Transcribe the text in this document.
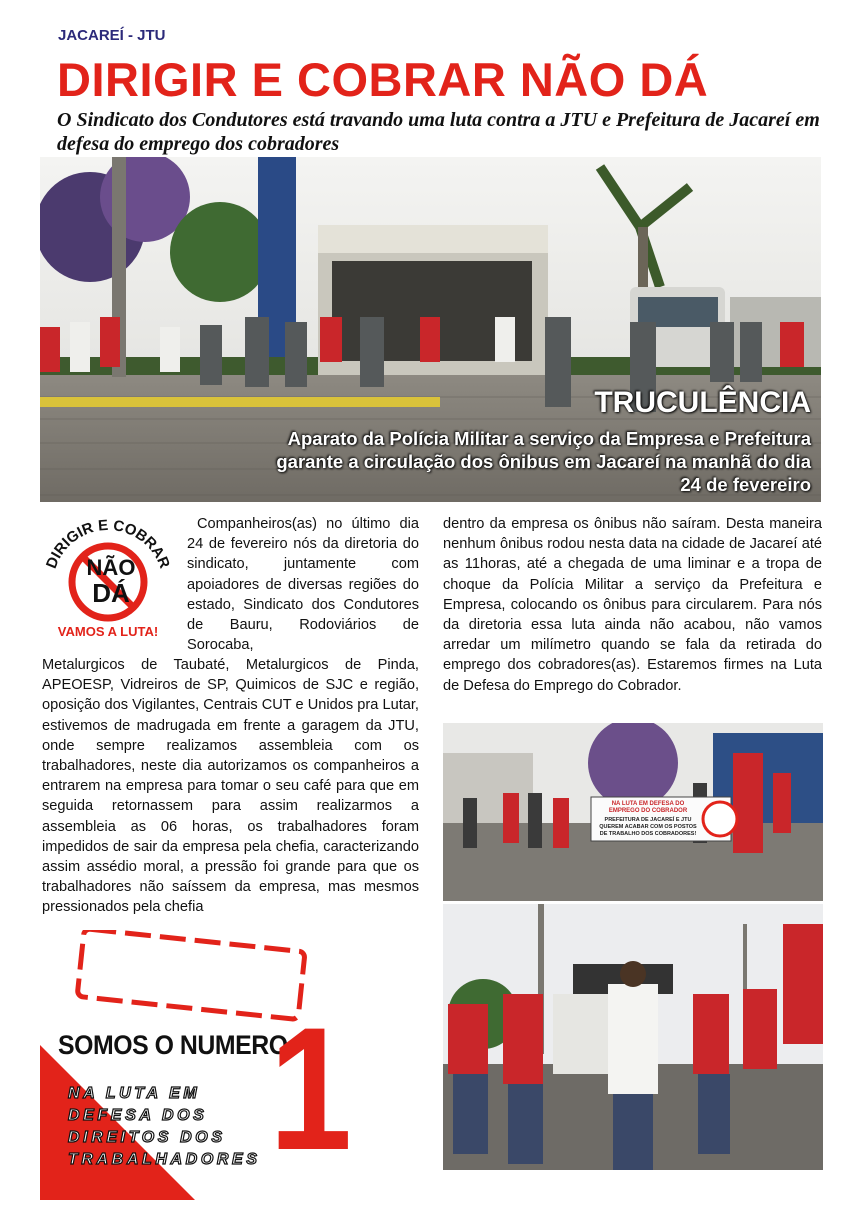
JACAREÍ - JTU
DIRIGIR E COBRAR NÃO DÁ
O Sindicato dos Condutores está travando uma luta contra a JTU e Prefeitura de Jacareí em defesa do emprego dos cobradores
TRUCULÊNCIA
Aparato da Polícia Militar a serviço da Empresa e Prefeitura garante a circulação dos ônibus em Jacareí na manhã do dia 24 de fevereiro
DIRIGIR E COBRAR
NÃO
DÁ
VAMOS A LUTA!

Companheiros(as) no último dia 24 de fevereiro nós da diretoria do sindicato, juntamente com apoiadores de diversas regiões do estado, Sindicato dos Condutores de Bauru, Rodoviários de Sorocaba,

Metalurgicos de Taubaté, Metalurgicos de Pinda, APEOESP, Vidreiros de SP, Quimicos de SJC e região, oposição dos Vigilantes, Centrais CUT e Unidos pra Lutar, estivemos de madrugada em frente a garagem da JTU, onde sempre realizamos assembleia com os trabalhadores, neste dia autorizamos os companheiros a entrarem na empresa para tomar o seu café para que em seguida retornassem para assim realizarmos a assembleia as 06 horas, os trabalhadores foram impedidos de sair da empresa pela chefia, caracterizando assim assédio moral, a pressão foi grande para que os trabalhadores não saíssem da empresa, mas mesmos pressionados pela chefia

dentro da empresa os ônibus não saíram. Desta maneira nenhum ônibus rodou nesta data na cidade de Jacareí até as 11horas, até a chegada de uma liminar e a tropa de choque da Polícia Militar a serviço da Prefeitura e Empresa, colocando os ônibus para circularem. Para nós da diretoria essa luta ainda não acabou, não vamos arredar um milímetro quando se fala da retirada do emprego dos cobradores(as). Estaremos firmes na Luta de Defesa do Emprego do Cobrador.

NA LUTA EM DEFESA DO
EMPREGO DO COBRADOR
PREFEITURA DE JACAREÍ E JTU
QUEREM ACABAR COM OS POSTOS
DE TRABALHO DOS COBRADORES!
SOMOS O NUMERO
1
NA LUTA EM
DEFESA DOS
DIREITOS DOS
TRABALHADORES
